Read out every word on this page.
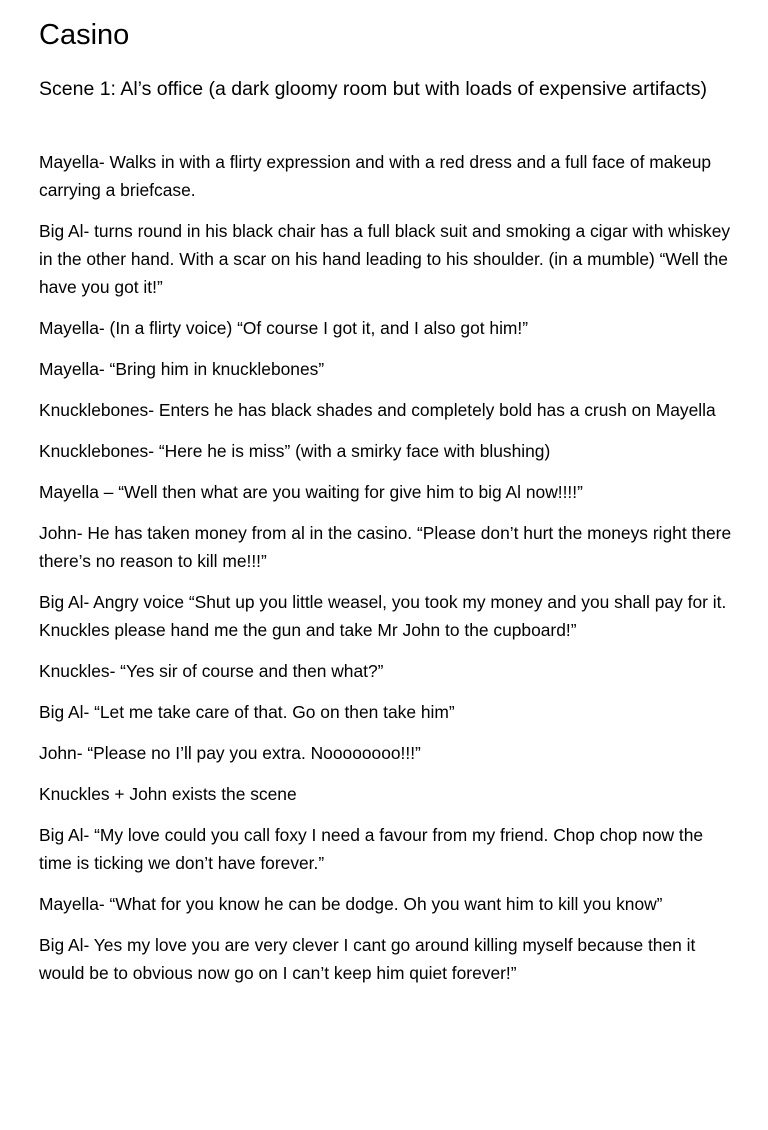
Casino
Scene 1: Al’s office (a dark gloomy room but with loads of expensive artifacts)
Mayella- Walks in with a flirty expression and with a red dress and a full face of makeup carrying a briefcase.
Big Al- turns round in his black chair has a full black suit and smoking a cigar with whiskey in the other hand. With a scar on his hand leading to his shoulder. (in a mumble) “Well the have you got it!”
Mayella- (In a flirty voice) “Of course I got it, and I also got him!”
Mayella- “Bring him in knucklebones”
Knucklebones- Enters he has black shades and completely bold has a crush on Mayella
Knucklebones- “Here he is miss” (with a smirky face with blushing)
Mayella – “Well then what are you waiting for give him to big Al now!!!!”
John- He has taken money from al in the casino. “Please don’t hurt the moneys right there there’s no reason to kill me!!!”
Big Al- Angry voice “Shut up you little weasel, you took my money and you shall pay for it. Knuckles please hand me the gun and take Mr John to the cupboard!”
Knuckles- “Yes sir of course and then what?”
Big Al- “Let me take care of that. Go on then take him”
John- “Please no I’ll pay you extra. Noooooooo!!!”
Knuckles + John exists the scene
Big Al- “My love could you call foxy I need a favour from my friend. Chop chop now the time is ticking we don’t have forever.”
Mayella- “What for you know he can be dodge. Oh you want him to kill you know”
Big Al- Yes my love you are very clever I cant go around killing myself because then it would be to obvious now go on I can’t keep him quiet forever!”
